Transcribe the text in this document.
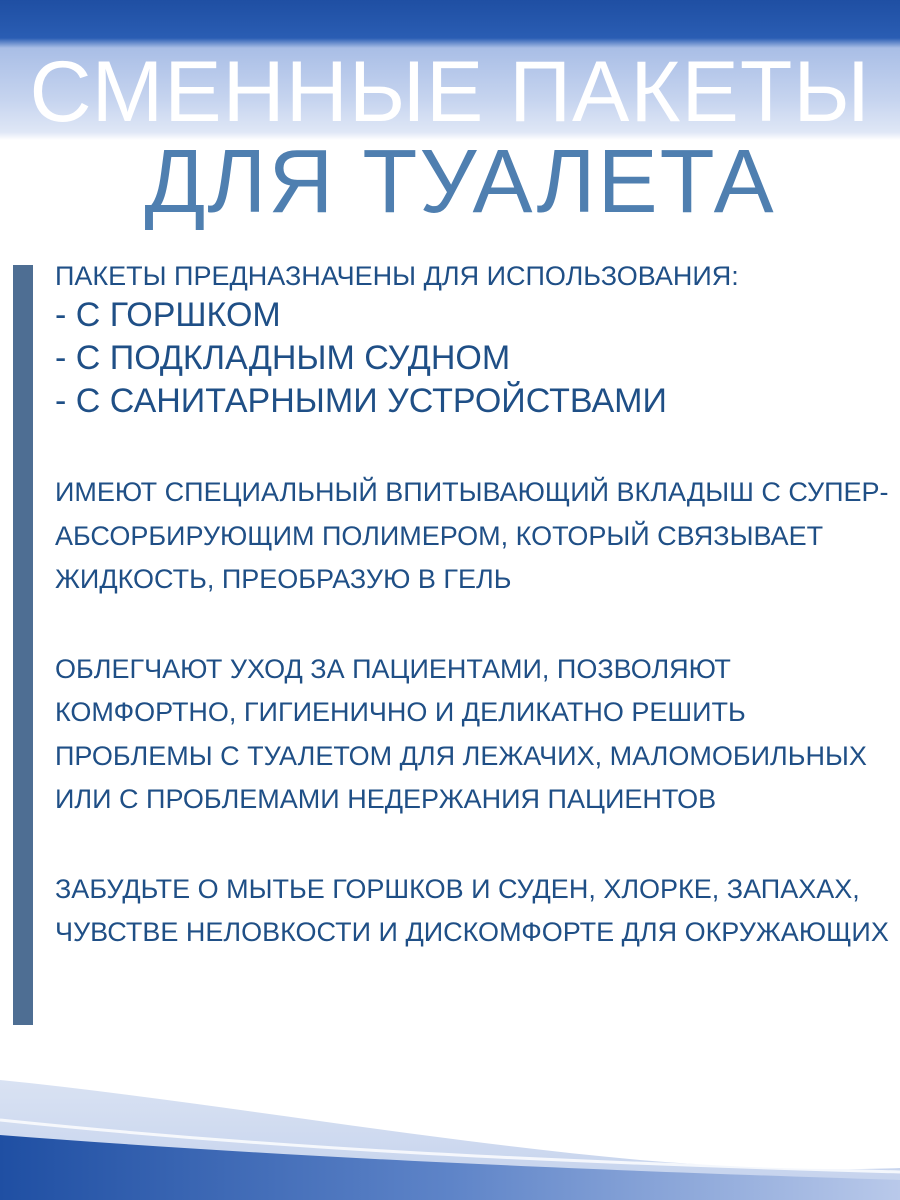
СМЕННЫЕ ПАКЕТЫ
ДЛЯ ТУАЛЕТА
ПАКЕТЫ ПРЕДНАЗНАЧЕНЫ ДЛЯ ИСПОЛЬЗОВАНИЯ:
- С ГОРШКОМ
- С ПОДКЛАДНЫМ СУДНОМ
- С САНИТАРНЫМИ УСТРОЙСТВАМИ

ИМЕЮТ СПЕЦИАЛЬНЫЙ ВПИТЫВАЮЩИЙ ВКЛАДЫШ С СУПЕР-АБСОРБИРУЮЩИМ ПОЛИМЕРОМ, КОТОРЫЙ СВЯЗЫВАЕТ ЖИДКОСТЬ, ПРЕОБРАЗУЮ В ГЕЛЬ

ОБЛЕГЧАЮТ УХОД ЗА ПАЦИЕНТАМИ, ПОЗВОЛЯЮТ КОМФОРТНО, ГИГИЕНИЧНО И ДЕЛИКАТНО РЕШИТЬ ПРОБЛЕМЫ С ТУАЛЕТОМ ДЛЯ ЛЕЖАЧИХ, МАЛОМОБИЛЬНЫХ ИЛИ С ПРОБЛЕМАМИ НЕДЕРЖАНИЯ ПАЦИЕНТОВ

ЗАБУДЬТЕ О МЫТЬЕ ГОРШКОВ И СУДЕН, ХЛОРКЕ, ЗАПАХАХ, ЧУВСТВЕ НЕЛОВКОСТИ И ДИСКОМФОРТЕ ДЛЯ ОКРУЖАЮЩИХ
